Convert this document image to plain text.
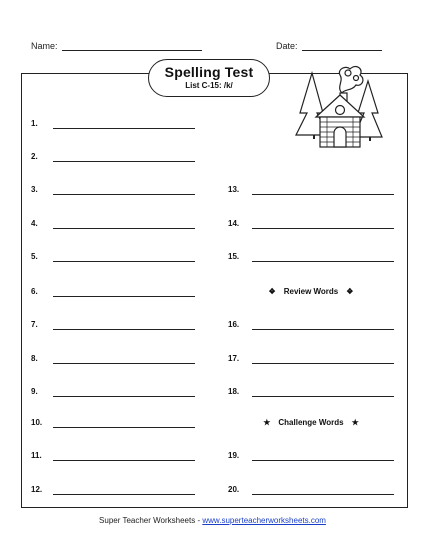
Name:	Date:
Spelling Test
List C-15: /k/
1.
2.
3.
4.
5.
6.
7.
8.
9.
10.
11.
12.
13.
14.
15.
❖ Review Words ❖
16.
17.
18.
★ Challenge Words ★
19.
20.
Super Teacher Worksheets - www.superteacherworksheets.com
